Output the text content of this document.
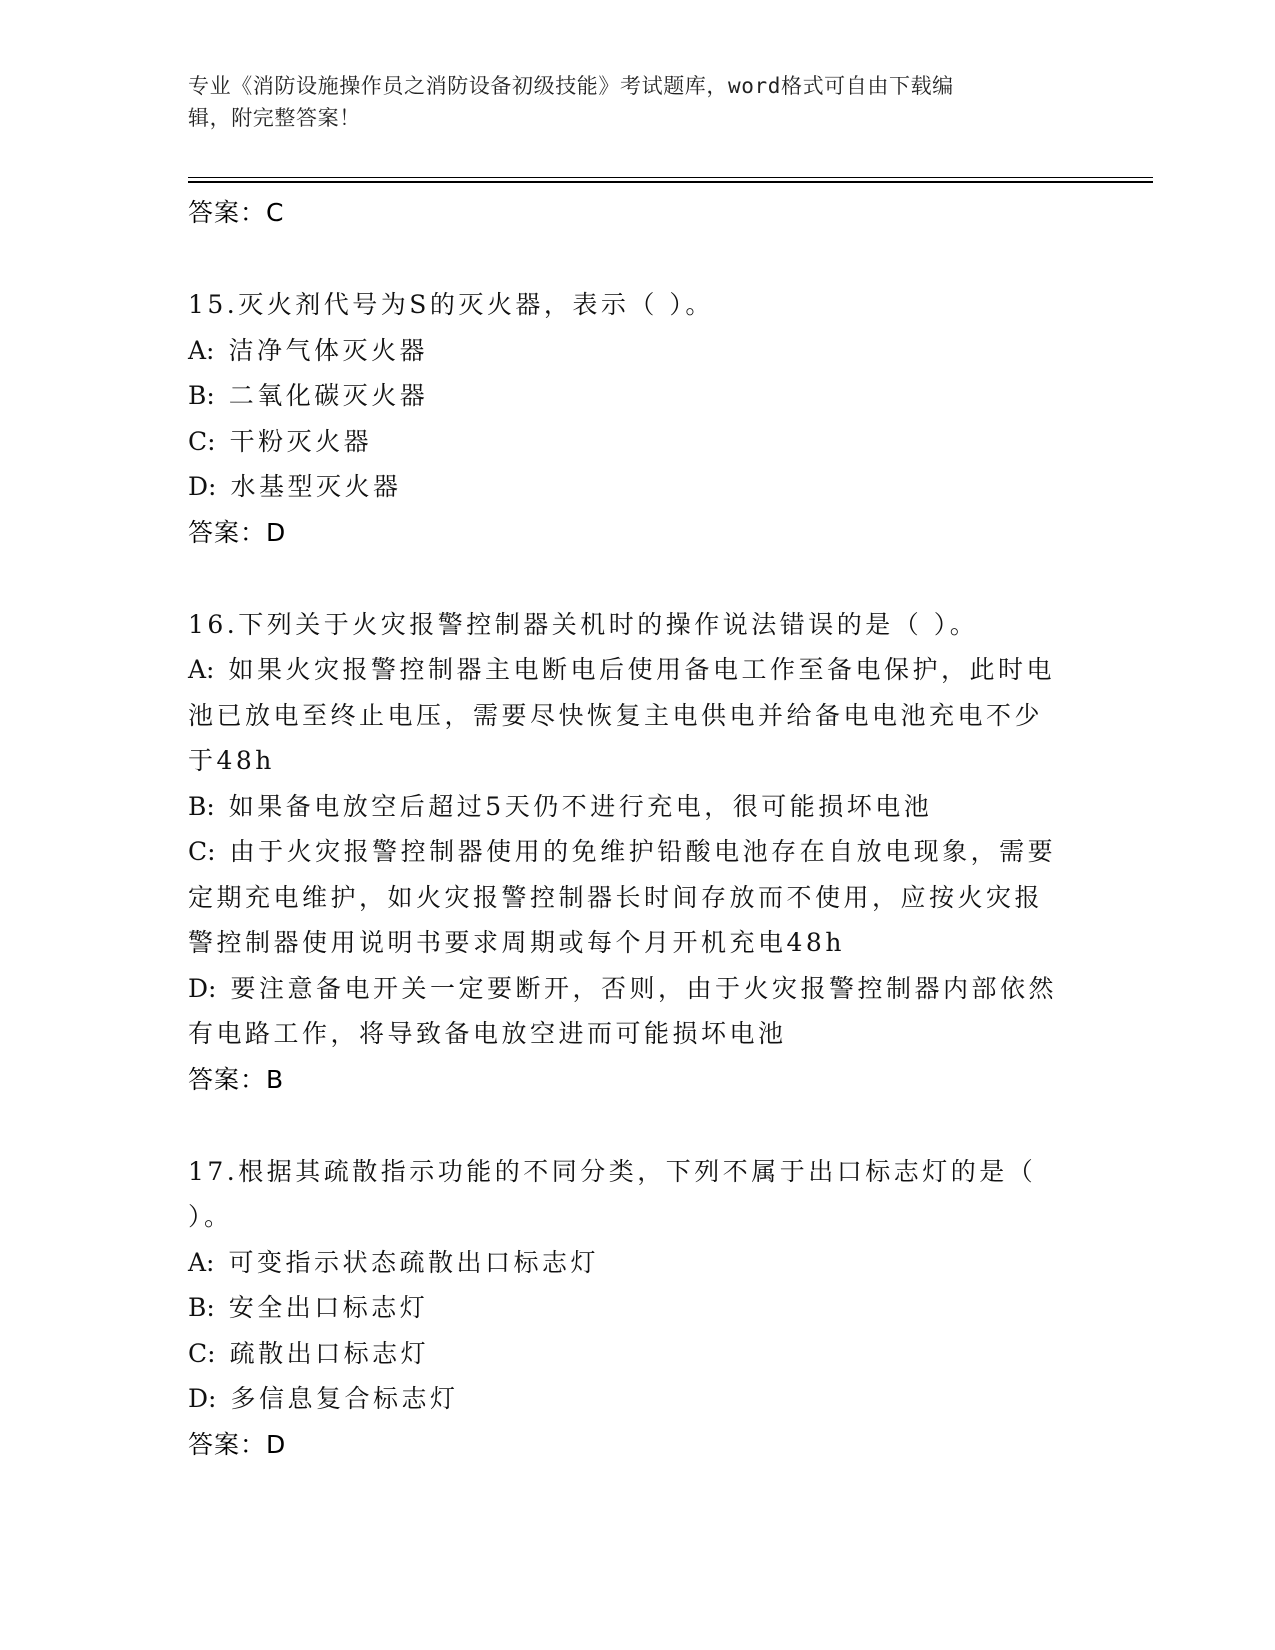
专业《消防设施操作员之消防设备初级技能》考试题库，word格式可自由下载编
辑，附完整答案！
答案：C

15.灭火剂代号为S的灭火器，表示（ ）。

A: 洁净气体灭火器

B: 二氧化碳灭火器

C: 干粉灭火器

D: 水基型灭火器

答案：D

16.下列关于火灾报警控制器关机时的操作说法错误的是（ ）。

A: 如果火灾报警控制器主电断电后使用备电工作至备电保护，此时电

池已放电至终止电压，需要尽快恢复主电供电并给备电电池充电不少

于48h

B: 如果备电放空后超过5天仍不进行充电，很可能损坏电池

C: 由于火灾报警控制器使用的免维护铅酸电池存在自放电现象，需要

定期充电维护，如火灾报警控制器长时间存放而不使用，应按火灾报

警控制器使用说明书要求周期或每个月开机充电48h

D: 要注意备电开关一定要断开，否则，由于火灾报警控制器内部依然

有电路工作，将导致备电放空进而可能损坏电池

答案：B

17.根据其疏散指示功能的不同分类，下列不属于出口标志灯的是（

）。

A: 可变指示状态疏散出口标志灯

B: 安全出口标志灯

C: 疏散出口标志灯

D: 多信息复合标志灯

答案：D
